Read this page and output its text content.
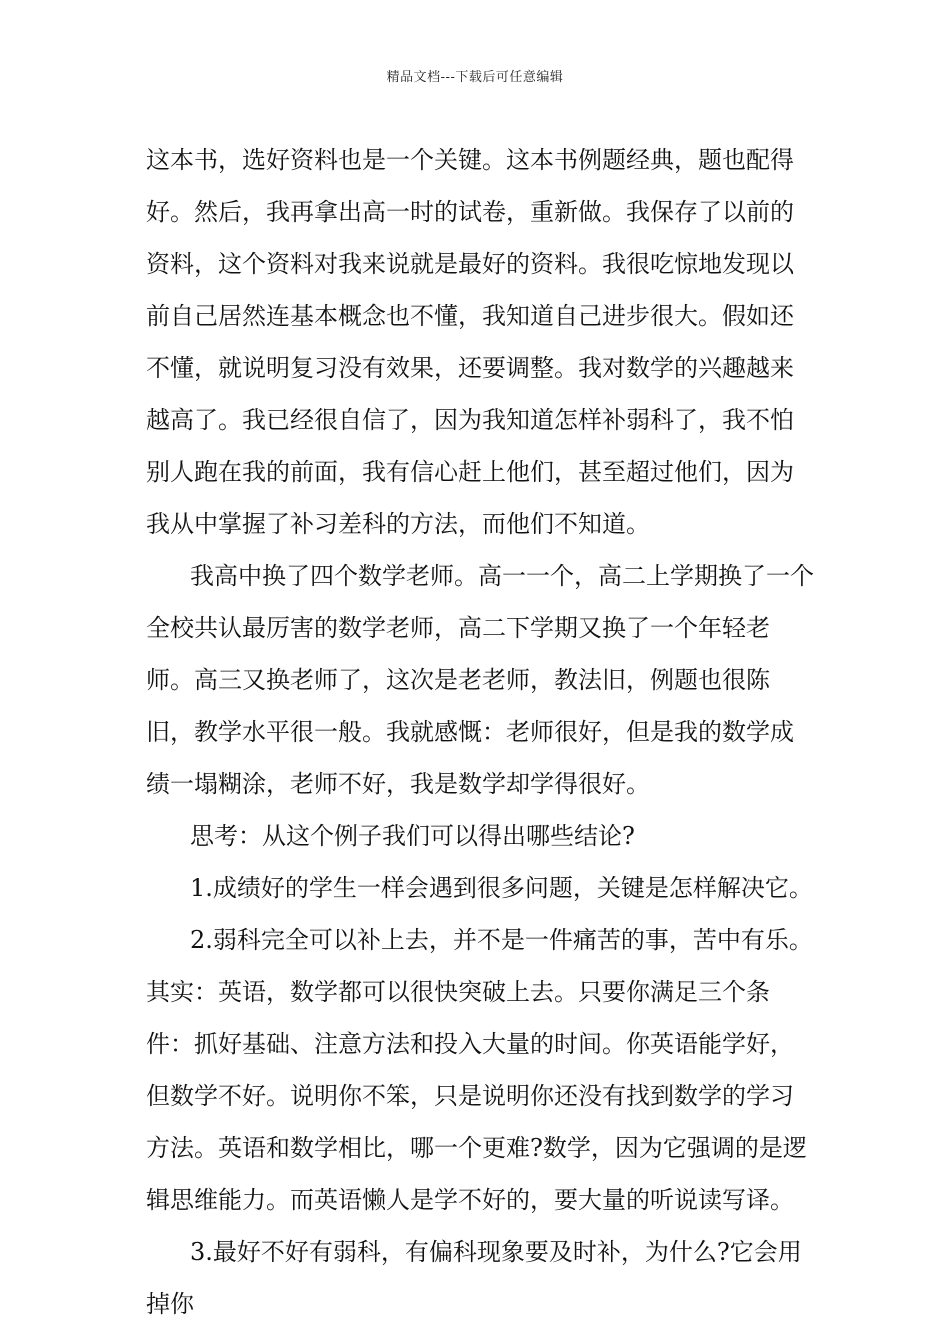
精品文档---下载后可任意编辑

这本书，选好资料也是一个关键。这本书例题经典，题也配得好。然后，我再拿出高一时的试卷，重新做。我保存了以前的资料，这个资料对我来说就是最好的资料。我很吃惊地发现以前自己居然连基本概念也不懂，我知道自己进步很大。假如还不懂，就说明复习没有效果，还要调整。我对数学的兴趣越来越高了。我已经很自信了，因为我知道怎样补弱科了，我不怕别人跑在我的前面，我有信心赶上他们，甚至超过他们，因为我从中掌握了补习差科的方法，而他们不知道。

我高中换了四个数学老师。高一一个，高二上学期换了一个全校共认最厉害的数学老师，高二下学期又换了一个年轻老师。高三又换老师了，这次是老老师，教法旧，例题也很陈旧，教学水平很一般。我就感慨：老师很好，但是我的数学成绩一塌糊涂，老师不好，我是数学却学得很好。

思考：从这个例子我们可以得出哪些结论?

1.成绩好的学生一样会遇到很多问题，关键是怎样解决它。

2.弱科完全可以补上去，并不是一件痛苦的事，苦中有乐。其实：英语，数学都可以很快突破上去。只要你满足三个条件：抓好基础、注意方法和投入大量的时间。你英语能学好，但数学不好。说明你不笨，只是说明你还没有找到数学的学习方法。英语和数学相比，哪一个更难?数学，因为它强调的是逻辑思维能力。而英语懒人是学不好的，要大量的听说读写译。

3.最好不好有弱科，有偏科现象要及时补，为什么?它会用掉你
